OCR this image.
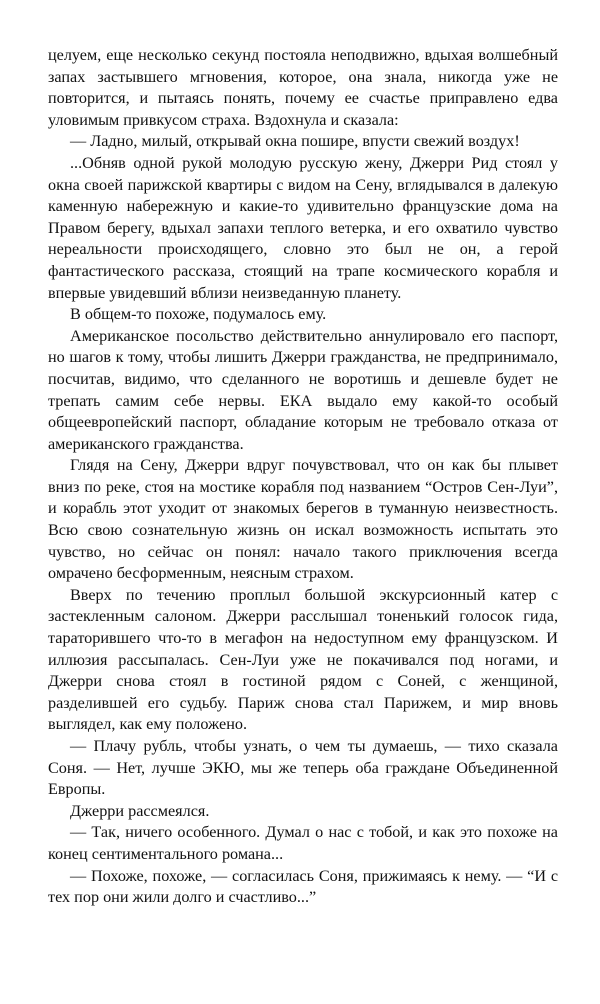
целуем, еще несколько секунд постояла неподвижно, вдыхая волшебный запах застывшего мгновения, которое, она знала, никогда уже не повторится, и пытаясь понять, почему ее счастье приправлено едва уловимым привкусом страха. Вздохнула и сказала:

— Ладно, милый, открывай окна пошире, впусти свежий воздух!

...Обняв одной рукой молодую русскую жену, Джерри Рид стоял у окна своей парижской квартиры с видом на Сену, вглядывался в далекую каменную набережную и какие-то удивительно французские дома на Правом берегу, вдыхал запахи теплого ветерка, и его охватило чувство нереальности происходящего, словно это был не он, а герой фантастического рассказа, стоящий на трапе космического корабля и впервые увидевший вблизи неизведанную планету.

В общем-то похоже, подумалось ему.

Американское посольство действительно аннулировало его паспорт, но шагов к тому, чтобы лишить Джерри гражданства, не предпринимало, посчитав, видимо, что сделанного не воротишь и дешевле будет не трепать самим себе нервы. ЕКА выдало ему какой-то особый общеевропейский паспорт, обладание которым не требовало отказа от американского гражданства.

Глядя на Сену, Джерри вдруг почувствовал, что он как бы плывет вниз по реке, стоя на мостике корабля под названием “Остров Сен-Луи”, и корабль этот уходит от знакомых берегов в туманную неизвестность. Всю свою сознательную жизнь он искал возможность испытать это чувство, но сейчас он понял: начало такого приключения всегда омрачено бесформенным, неясным страхом.

Вверх по течению проплыл большой экскурсионный катер с застекленным салоном. Джерри расслышал тоненький голосок гида, тараторившего что-то в мегафон на недоступном ему французском. И иллюзия рассыпалась. Сен-Луи уже не покачивался под ногами, и Джерри снова стоял в гостиной рядом с Соней, с женщиной, разделившей его судьбу. Париж снова стал Парижем, и мир вновь выглядел, как ему положено.

— Плачу рубль, чтобы узнать, о чем ты думаешь, — тихо сказала Соня. — Нет, лучше ЭКЮ, мы же теперь оба граждане Объединенной Европы.

Джерри рассмеялся.

— Так, ничего особенного. Думал о нас с тобой, и как это похоже на конец сентиментального романа...

— Похоже, похоже, — согласилась Соня, прижимаясь к нему. — “И с тех пор они жили долго и счастливо...”
